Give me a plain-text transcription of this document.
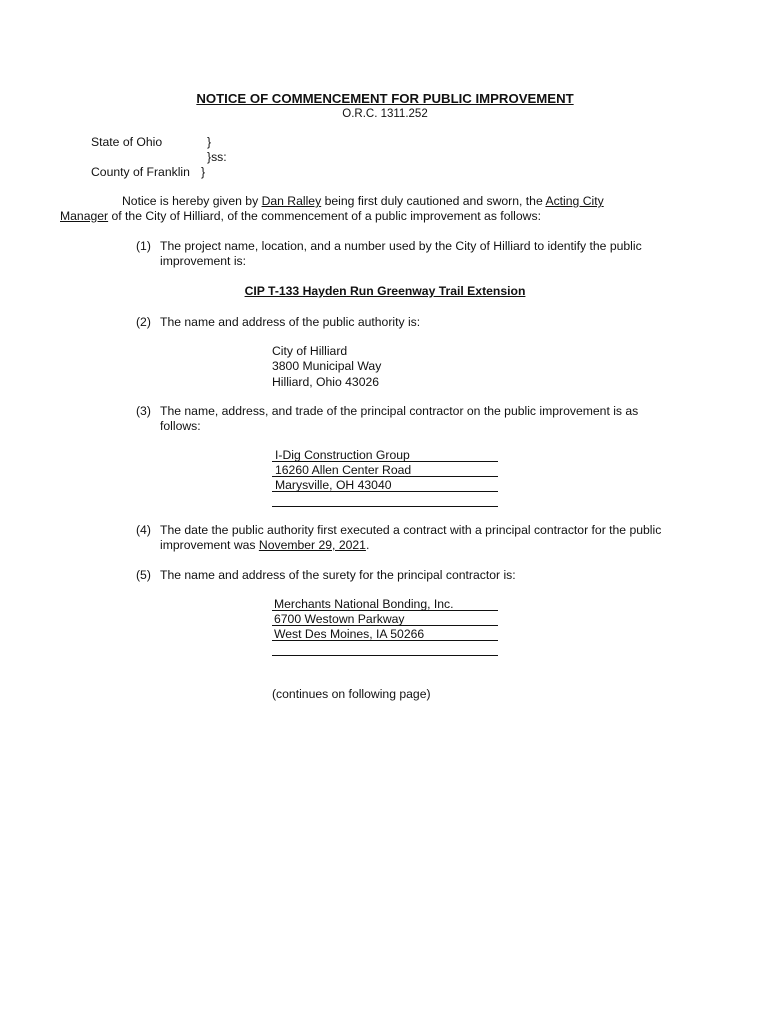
NOTICE OF COMMENCEMENT FOR PUBLIC IMPROVEMENT
O.R.C. 1311.252
State of Ohio	}
}ss:
County of Franklin }
Notice is hereby given by Dan Ralley being first duly cautioned and sworn, the Acting City
Manager of the City of Hilliard, of the commencement of a public improvement as follows:
(1) The project name, location, and a number used by the City of Hilliard to identify the public
improvement is:
CIP T-133 Hayden Run Greenway Trail Extension
(2) The name and address of the public authority is:
City of Hilliard
3800 Municipal Way
Hilliard, Ohio 43026
(3) The name, address, and trade of the principal contractor on the public improvement is as
follows:
I-Dig Construction Group
16260 Allen Center Road
Marysville, OH 43040
(4) The date the public authority first executed a contract with a principal contractor for the public
improvement was November 29, 2021.
(5) The name and address of the surety for the principal contractor is:
Merchants National Bonding, Inc.
6700 Westown Parkway
West Des Moines, IA 50266
(continues on following page)
